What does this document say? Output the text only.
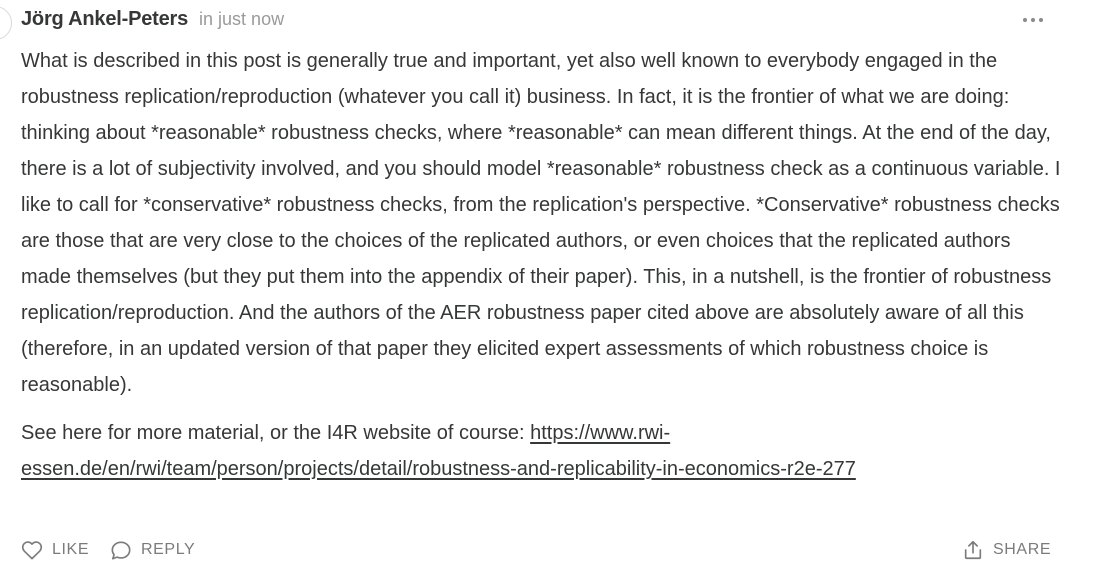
Jörg Ankel-Peters in just now

What is described in this post is generally true and important, yet also well known to everybody engaged in the robustness replication/reproduction (whatever you call it) business. In fact, it is the frontier of what we are doing: thinking about *reasonable* robustness checks, where *reasonable* can mean different things. At the end of the day, there is a lot of subjectivity involved, and you should model *reasonable* robustness check as a continuous variable. I like to call for *conservative* robustness checks, from the replication's perspective. *Conservative* robustness checks are those that are very close to the choices of the replicated authors, or even choices that the replicated authors made themselves (but they put them into the appendix of their paper). This, in a nutshell, is the frontier of robustness replication/reproduction. And the authors of the AER robustness paper cited above are absolutely aware of all this (therefore, in an updated version of that paper they elicited expert assessments of which robustness choice is reasonable).

See here for more material, or the I4R website of course: https://www.rwi-essen.de/en/rwi/team/person/projects/detail/robustness-and-replicability-in-economics-r2e-277

LIKE	REPLY	SHARE
